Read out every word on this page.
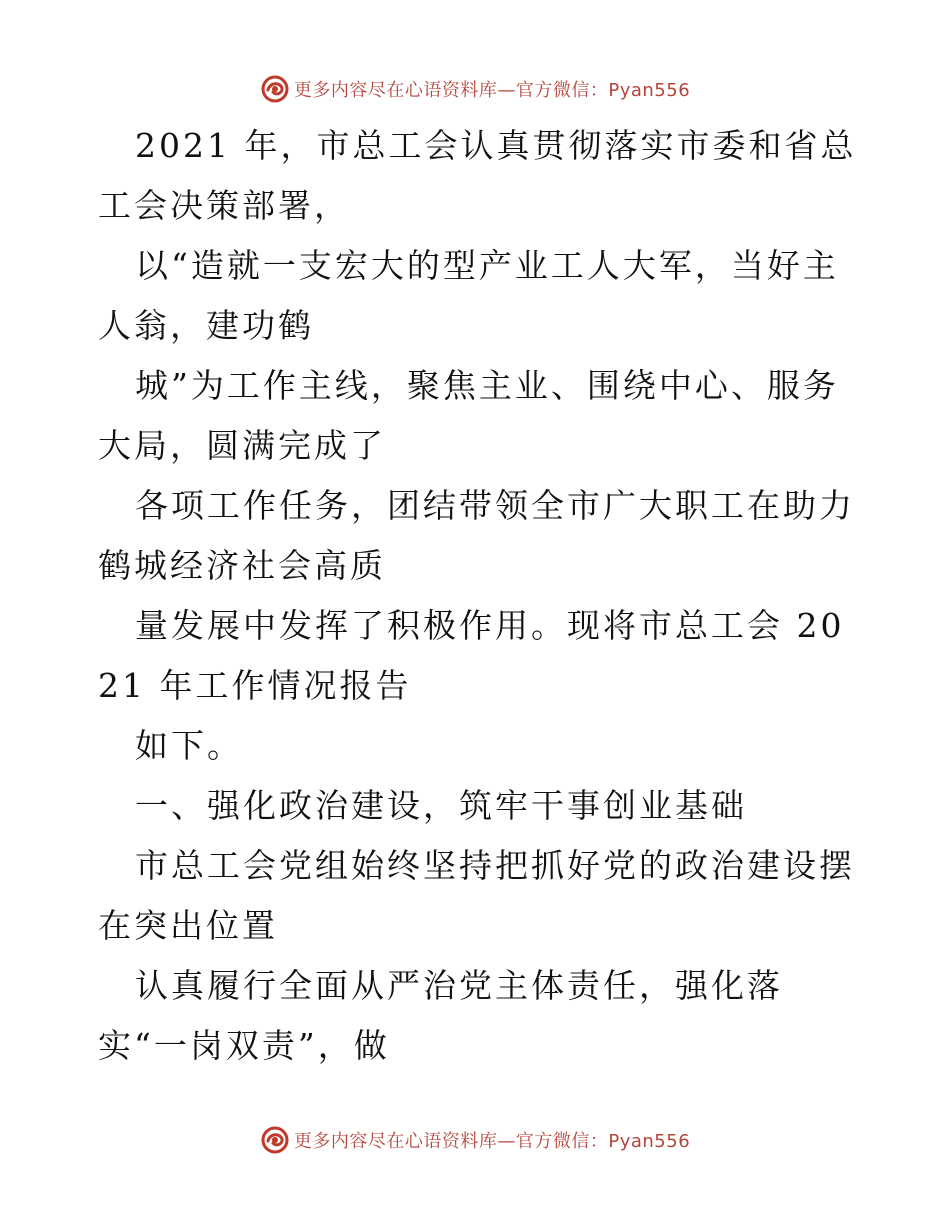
更多内容尽在心语资料库—官方微信：Pyan556

2021 年，市总工会认真贯彻落实市委和省总工会决策部署，

以“造就一支宏大的型产业工人大军，当好主人翁，建功鹤

城”为工作主线，聚焦主业、围绕中心、服务大局，圆满完成了

各项工作任务，团结带领全市广大职工在助力鹤城经济社会高质

量发展中发挥了积极作用。现将市总工会 2021 年工作情况报告

如下。

一、强化政治建设，筑牢干事创业基础

市总工会党组始终坚持把抓好党的政治建设摆在突出位置

认真履行全面从严治党主体责任，强化落实“一岗双责”，做

更多内容尽在心语资料库—官方微信：Pyan556
